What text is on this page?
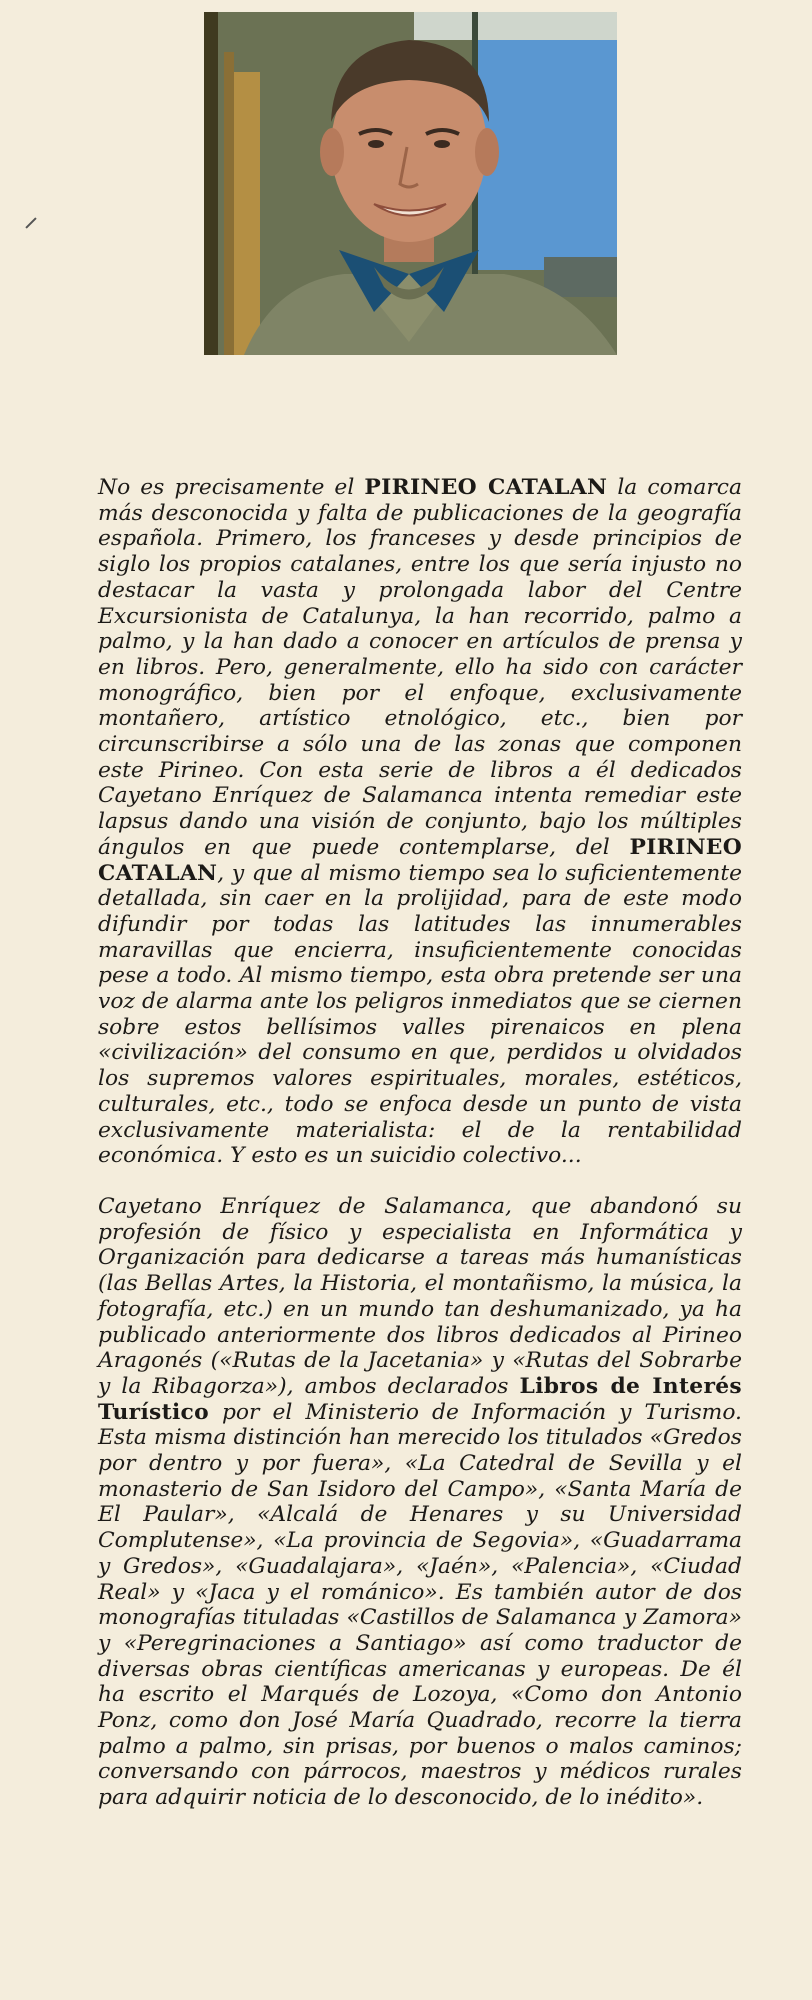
No es precisamente el PIRINEO CATALAN la comarca más desconocida y falta de publicaciones de la geografía española. Primero, los franceses y desde principios de siglo los propios catalanes, entre los que sería injusto no destacar la vasta y prolongada labor del Centre Excursionista de Catalunya, la han recorrido, palmo a palmo, y la han dado a conocer en artículos de prensa y en libros. Pero, generalmente, ello ha sido con carácter monográfico, bien por el enfoque, exclusivamente montañero, artístico etnológico, etc., bien por circunscribirse a sólo una de las zonas que componen este Pirineo. Con esta serie de libros a él dedicados Cayetano Enríquez de Salamanca intenta remediar este lapsus dando una visión de conjunto, bajo los múltiples ángulos en que puede contemplarse, del PIRINEO CATALAN, y que al mismo tiempo sea lo suficientemente detallada, sin caer en la prolijidad, para de este modo difundir por todas las latitudes las innumerables maravillas que encierra, insuficientemente conocidas pese a todo. Al mismo tiempo, esta obra pretende ser una voz de alarma ante los peligros inmediatos que se ciernen sobre estos bellísimos valles pirenaicos en plena «civilización» del consumo en que, perdidos u olvidados los supremos valores espirituales, morales, estéticos, culturales, etc., todo se enfoca desde un punto de vista exclusivamente materialista: el de la rentabilidad económica. Y esto es un suicidio colectivo...

Cayetano Enríquez de Salamanca, que abandonó su profesión de físico y especialista en Informática y Organización para dedicarse a tareas más humanísticas (las Bellas Artes, la Historia, el montañismo, la música, la fotografía, etc.) en un mundo tan deshumanizado, ya ha publicado anteriormente dos libros dedicados al Pirineo Aragonés («Rutas de la Jacetania» y «Rutas del Sobrarbe y la Ribagorza»), ambos declarados Libros de Interés Turístico por el Ministerio de Información y Turismo. Esta misma distinción han merecido los titulados «Gredos por dentro y por fuera», «La Catedral de Sevilla y el monasterio de San Isidoro del Campo», «Santa María de El Paular», «Alcalá de Henares y su Universidad Complutense», «La provincia de Segovia», «Guadarrama y Gredos», «Guadalajara», «Jaén», «Palencia», «Ciudad Real» y «Jaca y el románico». Es también autor de dos monografías tituladas «Castillos de Salamanca y Zamora» y «Peregrinaciones a Santiago» así como traductor de diversas obras científicas americanas y europeas. De él ha escrito el Marqués de Lozoya, «Como don Antonio Ponz, como don José María Quadrado, recorre la tierra palmo a palmo, sin prisas, por buenos o malos caminos; conversando con párrocos, maestros y médicos rurales para adquirir noticia de lo desconocido, de lo inédito».
